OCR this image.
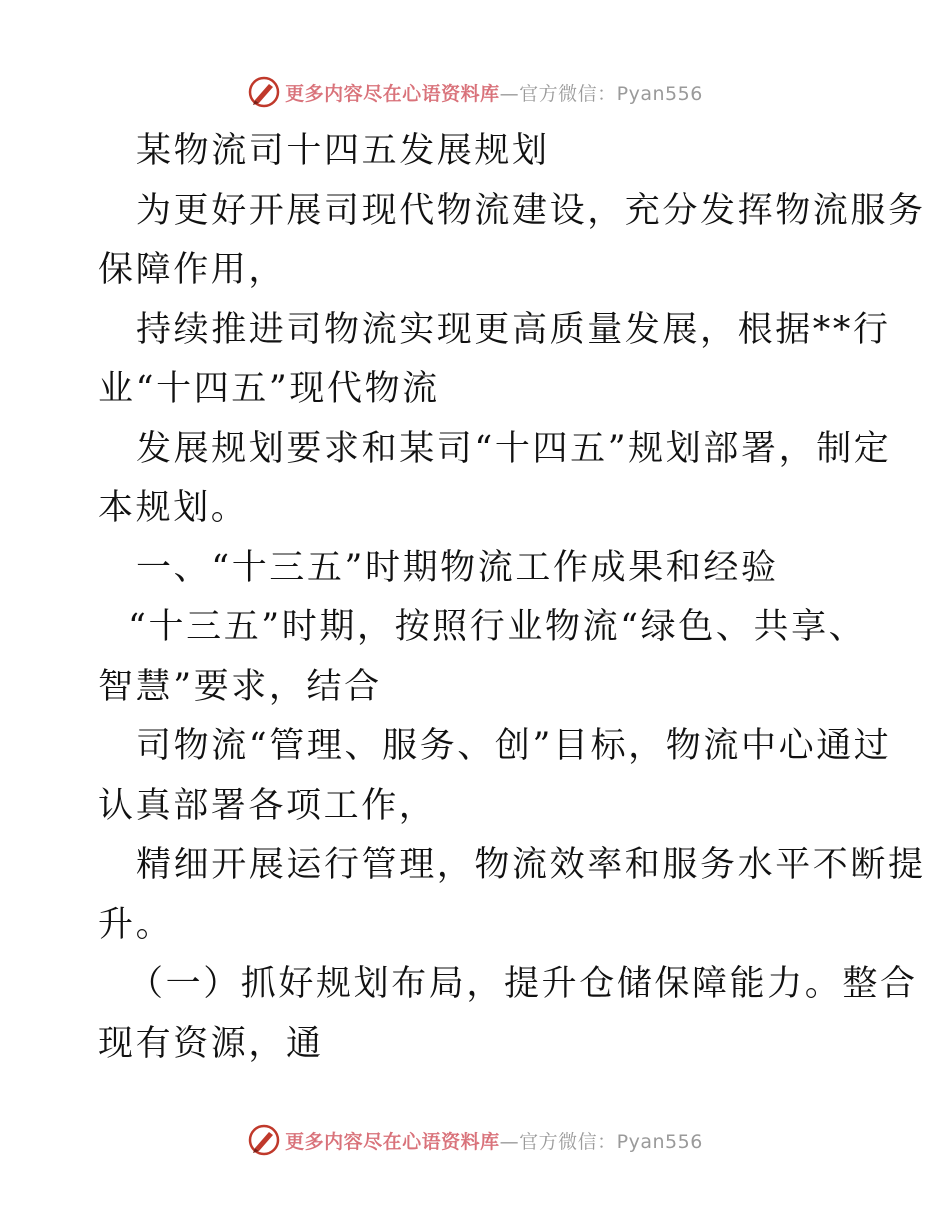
更多内容尽在心语资料库—官方微信：Pyan556
某物流司十四五发展规划
为更好开展司现代物流建设，充分发挥物流服务
保障作用，
持续推进司物流实现更高质量发展，根据**行
业“十四五”现代物流
发展规划要求和某司“十四五”规划部署，制定
本规划。
一、“十三五”时期物流工作成果和经验
“十三五”时期，按照行业物流“绿色、共享、
智慧”要求，结合
司物流“管理、服务、创”目标，物流中心通过
认真部署各项工作，
精细开展运行管理，物流效率和服务水平不断提
升。
（一）抓好规划布局，提升仓储保障能力。整合
现有资源，通
更多内容尽在心语资料库—官方微信：Pyan556
